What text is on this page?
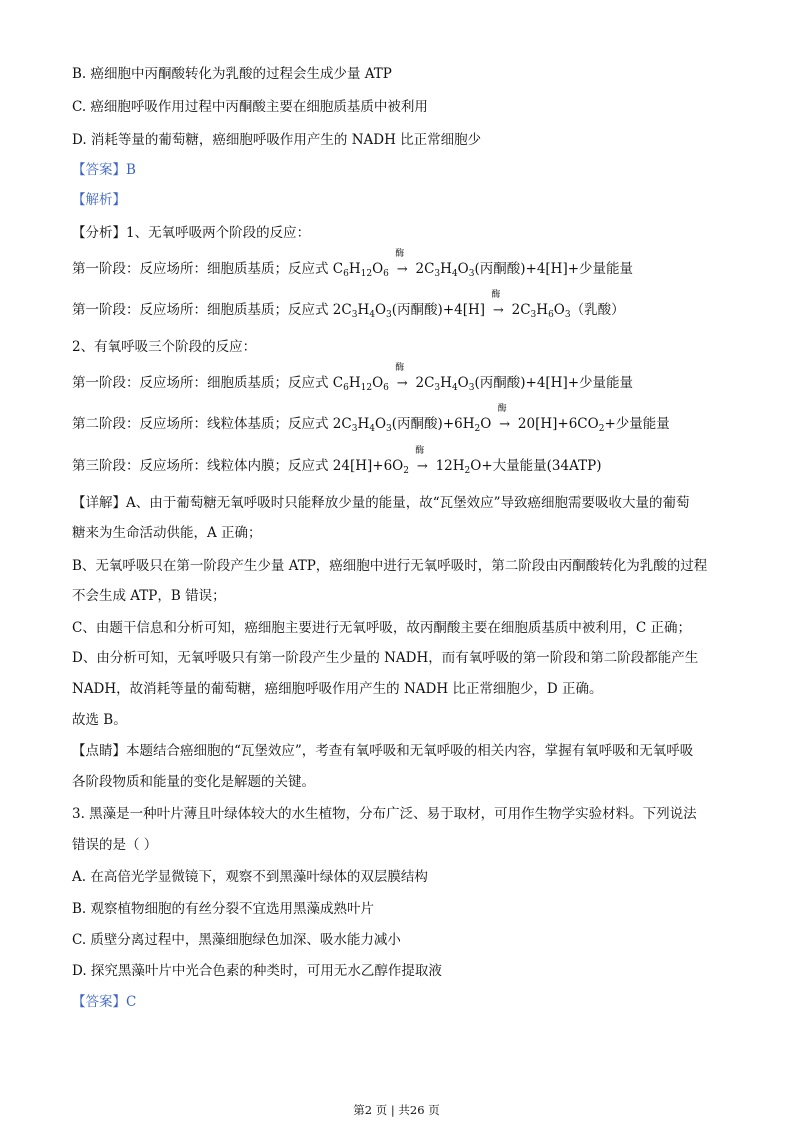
B. 癌细胞中丙酮酸转化为乳酸的过程会生成少量 ATP
C. 癌细胞呼吸作用过程中丙酮酸主要在细胞质基质中被利用
D. 消耗等量的葡萄糖，癌细胞呼吸作用产生的 NADH 比正常细胞少
【答案】B
【解析】
【分析】1、无氧呼吸两个阶段的反应：
第一阶段：反应场所：细胞质基质；反应式 $C_6H_{12}O_6$
酶
→ $2C_3H_4O_3$(丙酮酸)+4[H]+少量能量
第一阶段：反应场所：细胞质基质；反应式 $2C_3H_4O_3$(丙酮酸)+4[H]
酶
→ $2C_3H_6O_3$（乳酸）
2、有氧呼吸三个阶段的反应：
第一阶段：反应场所：细胞质基质；反应式 $C_6H_{12}O_6$
酶
→ $2C_3H_4O_3$(丙酮酸)+4[H]+少量能量
第二阶段：反应场所：线粒体基质；反应式 $2C_3H_4O_3$(丙酮酸)$+6H_2O$
酶
→ $20[H]+6CO_2+$少量能量
第三阶段：反应场所：线粒体内膜；反应式 $24[H]+6O_2$
酶
→ $12H_2O+$大量能量(34ATP)
【详解】A、由于葡萄糖无氧呼吸时只能释放少量的能量，故“瓦堡效应”导致癌细胞需要吸收大量的葡萄
糖来为生命活动供能，A 正确；
B、无氧呼吸只在第一阶段产生少量 ATP，癌细胞中进行无氧呼吸时，第二阶段由丙酮酸转化为乳酸的过程
不会生成 ATP，B 错误；
C、由题干信息和分析可知，癌细胞主要进行无氧呼吸，故丙酮酸主要在细胞质基质中被利用，C 正确；
D、由分析可知，无氧呼吸只有第一阶段产生少量的 NADH，而有氧呼吸的第一阶段和第二阶段都能产生
NADH，故消耗等量的葡萄糖，癌细胞呼吸作用产生的 NADH 比正常细胞少，D 正确。
故选 B。
【点睛】本题结合癌细胞的“瓦堡效应”，考查有氧呼吸和无氧呼吸的相关内容，掌握有氧呼吸和无氧呼吸
各阶段物质和能量的变化是解题的关键。
3. 黑藻是一种叶片薄且叶绿体较大的水生植物，分布广泛、易于取材，可用作生物学实验材料。下列说法
错误的是（ ）
A. 在高倍光学显微镜下，观察不到黑藻叶绿体的双层膜结构
B. 观察植物细胞的有丝分裂不宜选用黑藻成熟叶片
C. 质壁分离过程中，黑藻细胞绿色加深、吸水能力减小
D. 探究黑藻叶片中光合色素的种类时，可用无水乙醇作提取液
【答案】C
第2 页 | 共26 页
